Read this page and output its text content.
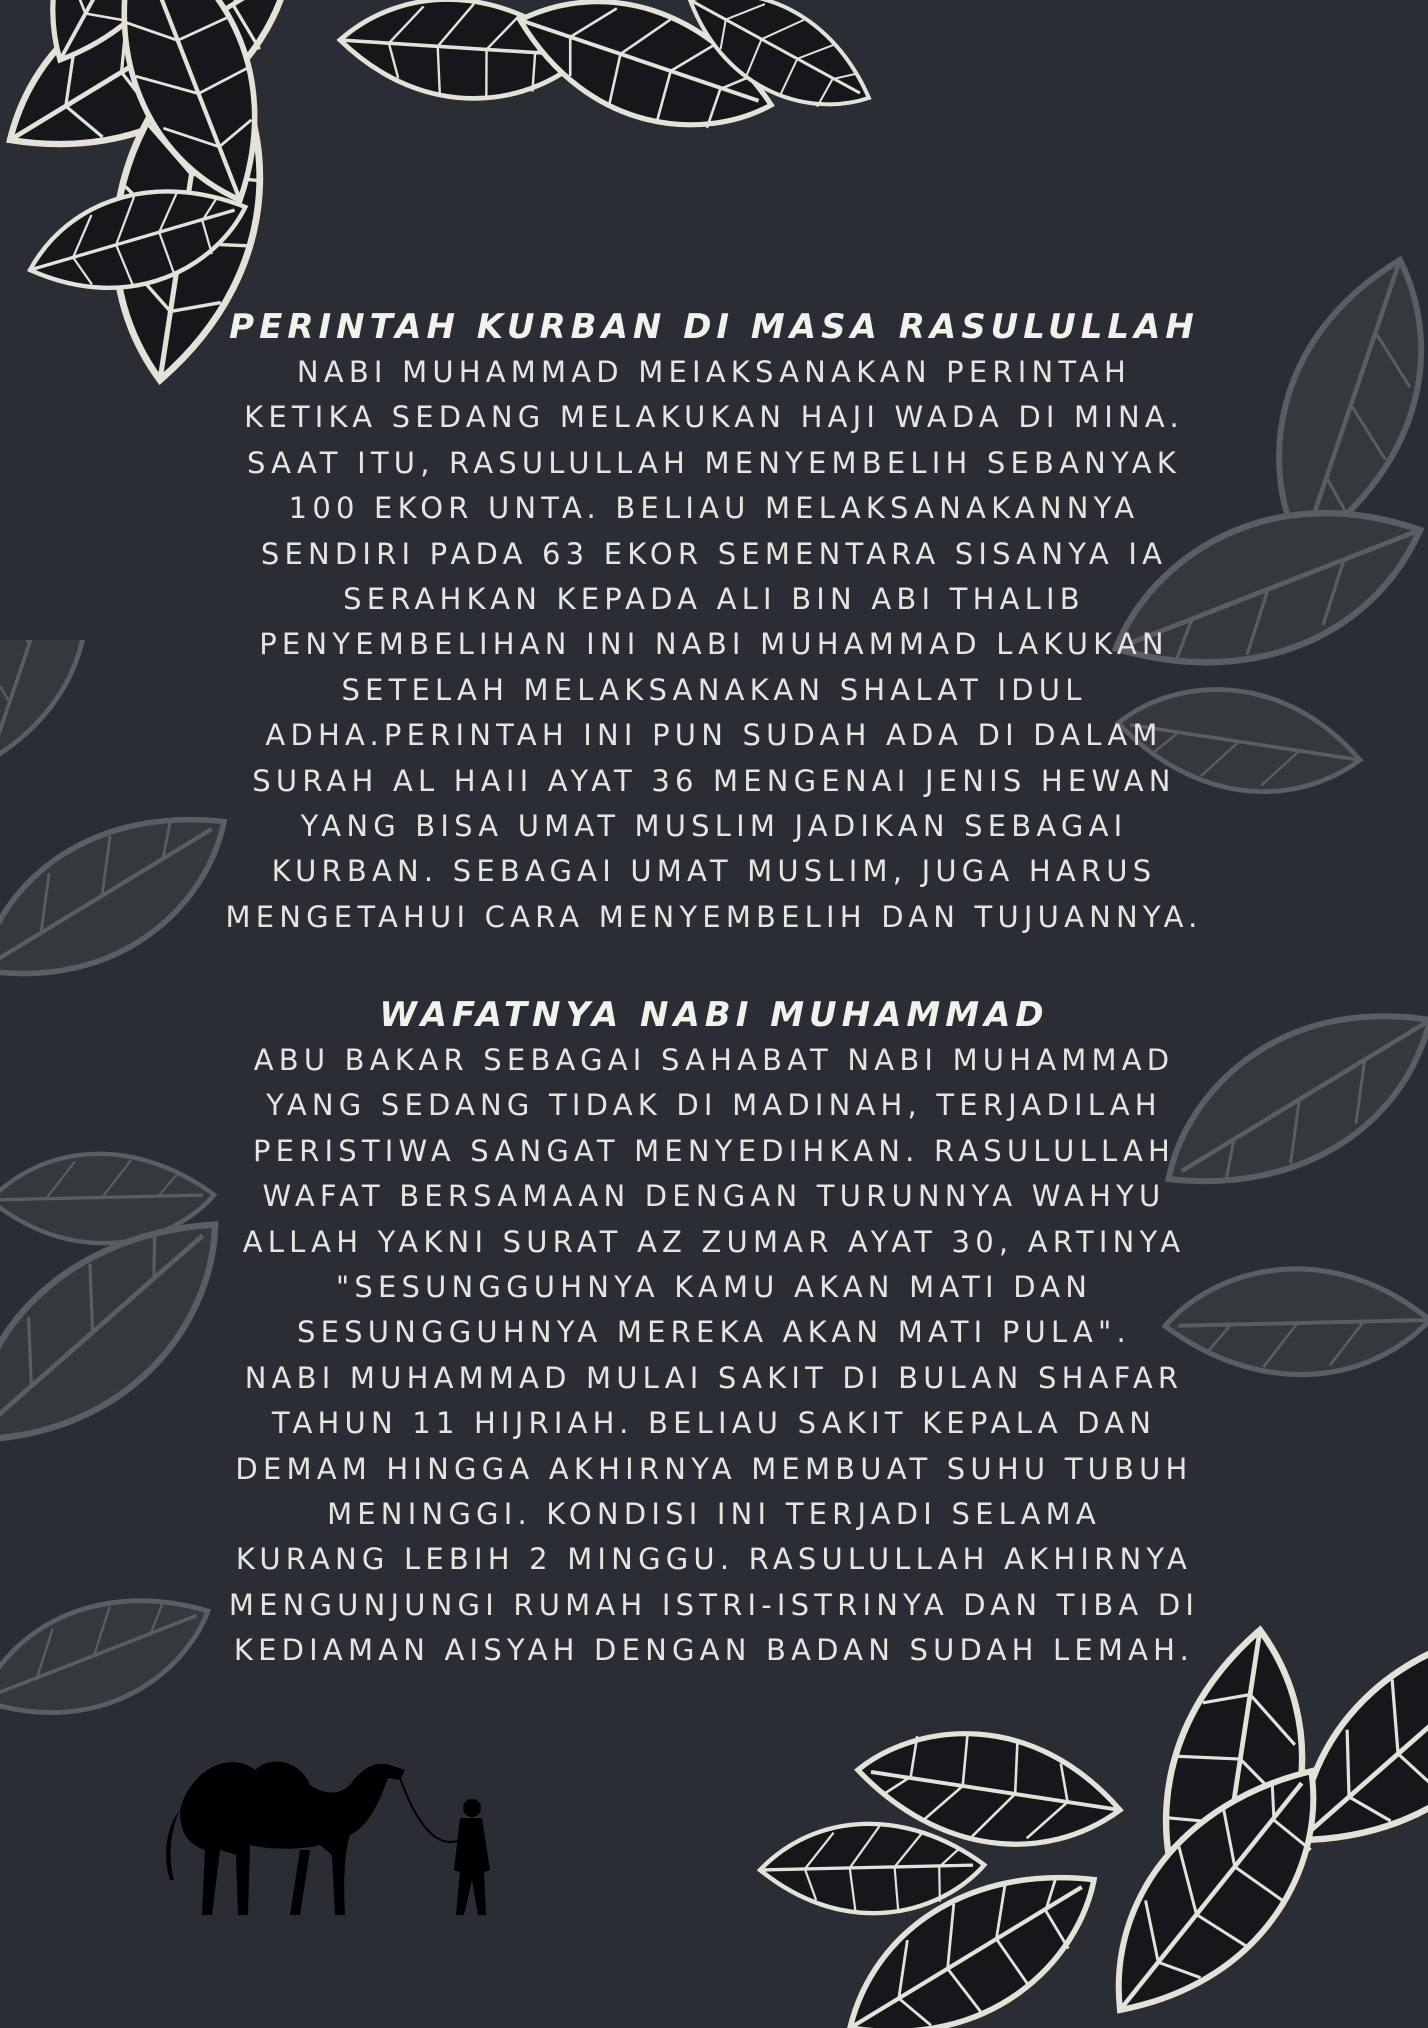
PERINTAH KURBAN DI MASA RASULULLAH
NABI MUHAMMAD MEIAKSANAKAN PERINTAH
KETIKA SEDANG MELAKUKAN HAJI WADA DI MINA.
SAAT ITU, RASULULLAH MENYEMBELIH SEBANYAK
100 EKOR UNTA. BELIAU MELAKSANAKANNYA
SENDIRI PADA 63 EKOR SEMENTARA SISANYA IA
SERAHKAN KEPADA ALI BIN ABI THALIB
PENYEMBELIHAN INI NABI MUHAMMAD LAKUKAN
SETELAH MELAKSANAKAN SHALAT IDUL
ADHA.PERINTAH INI PUN SUDAH ADA DI DALAM
SURAH AL HAII AYAT 36 MENGENAI JENIS HEWAN
YANG BISA UMAT MUSLIM JADIKAN SEBAGAI
KURBAN. SEBAGAI UMAT MUSLIM, JUGA HARUS
MENGETAHUI CARA MENYEMBELIH DAN TUJUANNYA.
WAFATNYA NABI MUHAMMAD
ABU BAKAR SEBAGAI SAHABAT NABI MUHAMMAD
YANG SEDANG TIDAK DI MADINAH, TERJADILAH
PERISTIWA SANGAT MENYEDIHKAN. RASULULLAH
WAFAT BERSAMAAN DENGAN TURUNNYA WAHYU
ALLAH YAKNI SURAT AZ ZUMAR AYAT 30, ARTINYA
"SESUNGGUHNYA KAMU AKAN MATI DAN
SESUNGGUHNYA MEREKA AKAN MATI PULA".
NABI MUHAMMAD MULAI SAKIT DI BULAN SHAFAR
TAHUN 11 HIJRIAH. BELIAU SAKIT KEPALA DAN
DEMAM HINGGA AKHIRNYA MEMBUAT SUHU TUBUH
MENINGGI. KONDISI INI TERJADI SELAMA
KURANG LEBIH 2 MINGGU. RASULULLAH AKHIRNYA
MENGUNJUNGI RUMAH ISTRI-ISTRINYA DAN TIBA DI
KEDIAMAN AISYAH DENGAN BADAN SUDAH LEMAH.
